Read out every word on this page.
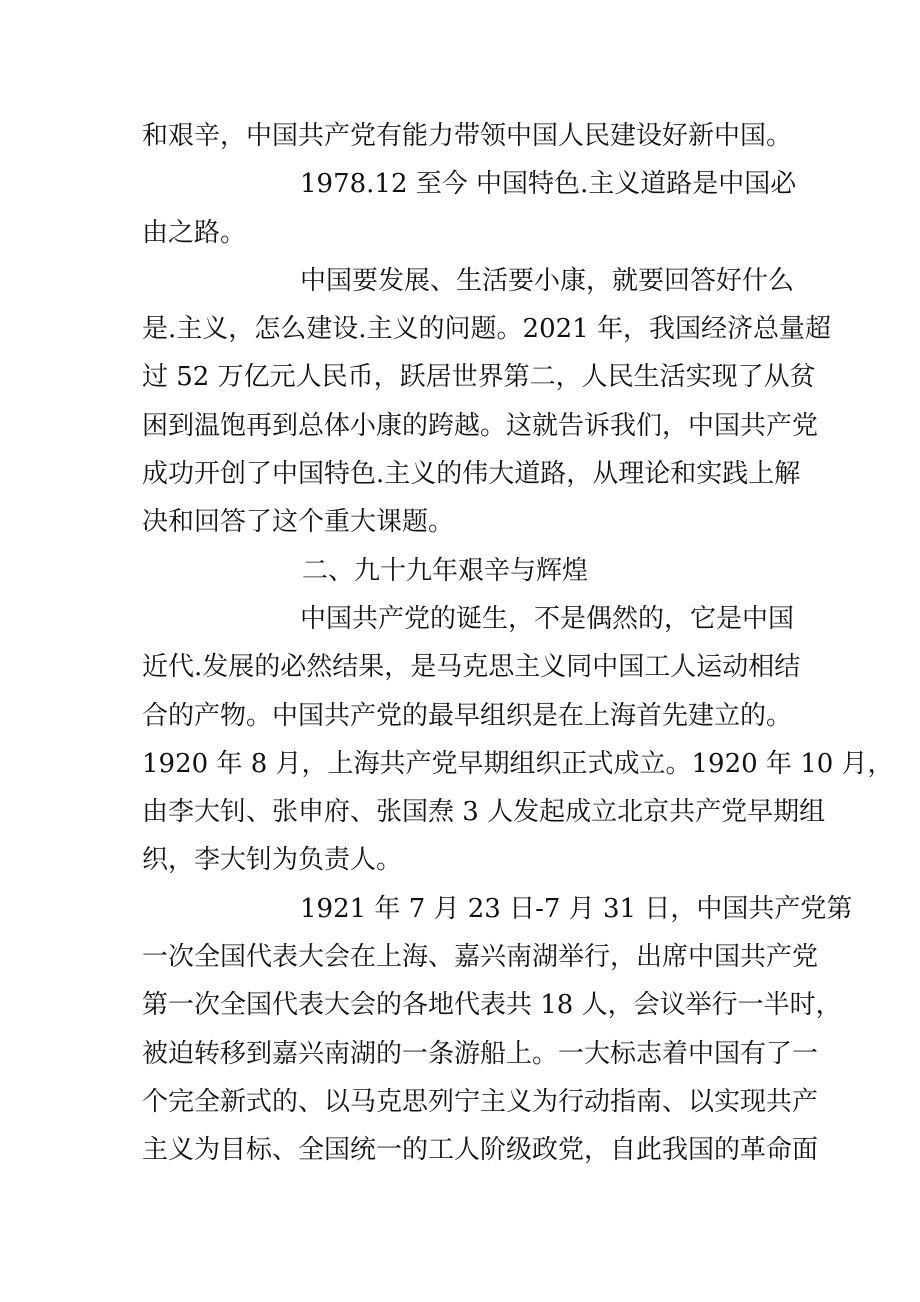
和艰辛，中国共产党有能力带领中国人民建设好新中国。
1978.12 至今 中国特色.主义道路是中国必
由之路。
中国要发展、生活要小康，就要回答好什么
是.主义，怎么建设.主义的问题。2021 年，我国经济总量超
过 52 万亿元人民币，跃居世界第二，人民生活实现了从贫
困到温饱再到总体小康的跨越。这就告诉我们，中国共产党
成功开创了中国特色.主义的伟大道路，从理论和实践上解
决和回答了这个重大课题。
二、九十九年艰辛与辉煌
中国共产党的诞生，不是偶然的，它是中国
近代.发展的必然结果，是马克思主义同中国工人运动相结
合的产物。中国共产党的最早组织是在上海首先建立的。
1920 年 8 月，上海共产党早期组织正式成立。1920 年 10 月，
由李大钊、张申府、张国焘 3 人发起成立北京共产党早期组
织，李大钊为负责人。
1921 年 7 月 23 日-7 月 31 日，中国共产党第
一次全国代表大会在上海、嘉兴南湖举行，出席中国共产党
第一次全国代表大会的各地代表共 18 人，会议举行一半时，
被迫转移到嘉兴南湖的一条游船上。一大标志着中国有了一
个完全新式的、以马克思列宁主义为行动指南、以实现共产
主义为目标、全国统一的工人阶级政党，自此我国的革命面
